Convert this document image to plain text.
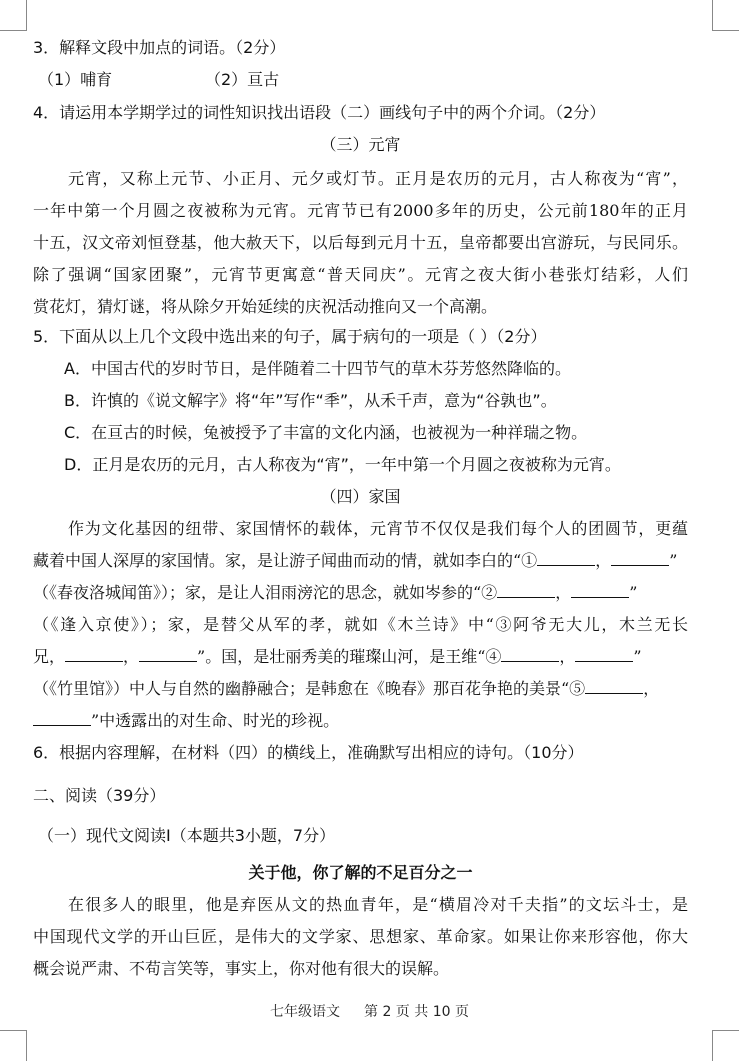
3．解释文段中加点的词语。（2分）
（1）哺育	（2）亘古
4．请运用本学期学过的词性知识找出语段（二）画线句子中的两个介词。（2分）
（三）元宵
元宵，又称上元节、小正月、元夕或灯节。正月是农历的元月，古人称夜为“宵”，
一年中第一个月圆之夜被称为元宵。元宵节已有2000多年的历史，公元前180年的正月
十五，汉文帝刘恒登基，他大赦天下，以后每到元月十五，皇帝都要出宫游玩，与民同乐。
除了强调“国家团聚”，元宵节更寓意“普天同庆”。元宵之夜大街小巷张灯结彩，人们
赏花灯，猜灯谜，将从除夕开始延续的庆祝活动推向又一个高潮。
5．下面从以上几个文段中选出来的句子，属于病句的一项是（ ）（2分）
A．中国古代的岁时节日，是伴随着二十四节气的草木芬芳悠然降临的。
B．许慎的《说文解字》将“年”写作“秊”，从禾千声，意为“谷孰也”。
C．在亘古的时候，兔被授予了丰富的文化内涵，也被视为一种祥瑞之物。
D．正月是农历的元月，古人称夜为“宵”，一年中第一个月圆之夜被称为元宵。
（四）家国
作为文化基因的纽带、家国情怀的载体，元宵节不仅仅是我们每个人的团圆节，更蕴
藏着中国人深厚的家国情。家，是让游子闻曲而动的情，就如李白的“①	，	”
（《春夜洛城闻笛》）；家，是让人泪雨滂沱的思念，就如岑参的“②	，	”
（《逢入京使》）；家，是替父从军的孝，就如《木兰诗》中“③阿爷无大儿，木兰无长
兄，	，	”。国，是壮丽秀美的璀璨山河，是王维“④	，	”
（《竹里馆》）中人与自然的幽静融合；是韩愈在《晚春》那百花争艳的美景“⑤	，
”中透露出的对生命、时光的珍视。
6．根据内容理解，在材料（四）的横线上，准确默写出相应的诗句。（10分）
二、阅读（39分）
（一）现代文阅读Ⅰ（本题共3小题，7分）
关于他，你了解的不足百分之一
在很多人的眼里，他是弃医从文的热血青年，是“横眉冷对千夫指”的文坛斗士，是
中国现代文学的开山巨匠，是伟大的文学家、思想家、革命家。如果让你来形容他，你大
概会说严肃、不苟言笑等，事实上，你对他有很大的误解。
七年级语文 第 2 页 共 10 页
